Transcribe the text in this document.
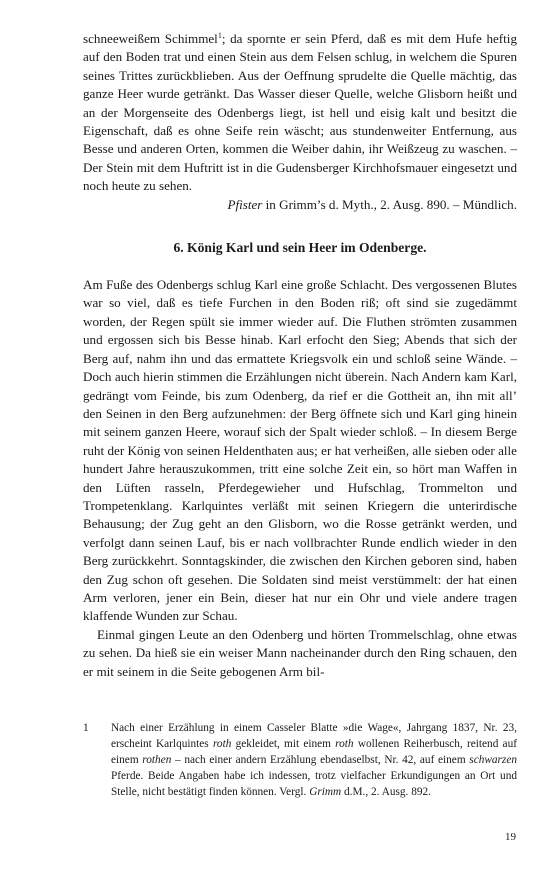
schneeweißem Schimmel$^1$; da spornte er sein Pferd, daß es mit dem Hufe heftig auf den Boden trat und einen Stein aus dem Felsen schlug, in welchem die Spuren seines Trittes zurückblieben. Aus der Oeffnung sprudelte die Quelle mächtig, das ganze Heer wurde getränkt. Das Wasser dieser Quelle, welche Glisborn heißt und an der Morgenseite des Odenbergs liegt, ist hell und eisig kalt und besitzt die Eigenschaft, daß es ohne Seife rein wäscht; aus stundenweiter Entfernung, aus Besse und anderen Orten, kommen die Weiber dahin, ihr Weißzeug zu waschen. – Der Stein mit dem Huftritt ist in die Gudensberger Kirchhofsmauer eingesetzt und noch heute zu sehen.

Pfister in Grimm’s d. Myth., 2. Ausg. 890. – Mündlich.

6. König Karl und sein Heer im Odenberge.

Am Fuße des Odenbergs schlug Karl eine große Schlacht. Des vergossenen Blutes war so viel, daß es tiefe Furchen in den Boden riß; oft sind sie zugedämmt worden, der Regen spült sie immer wieder auf. Die Fluthen strömten zusammen und ergossen sich bis Besse hinab. Karl erfocht den Sieg; Abends that sich der Berg auf, nahm ihn und das ermattete Kriegsvolk ein und schloß seine Wände. – Doch auch hierin stimmen die Erzählungen nicht überein. Nach Andern kam Karl, gedrängt vom Feinde, bis zum Odenberg, da rief er die Gottheit an, ihn mit all’ den Seinen in den Berg aufzunehmen: der Berg öffnete sich und Karl ging hinein mit seinem ganzen Heere, worauf sich der Spalt wieder schloß. – In diesem Berge ruht der König von seinen Heldenthaten aus; er hat verheißen, alle sieben oder alle hundert Jahre herauszukommen, tritt eine solche Zeit ein, so hört man Waffen in den Lüften rasseln, Pferdegewieher und Hufschlag, Trommelton und Trompetenklang. Karlquintes verläßt mit seinen Kriegern die unterirdische Behausung; der Zug geht an den Glisborn, wo die Rosse getränkt werden, und verfolgt dann seinen Lauf, bis er nach vollbrachter Runde endlich wieder in den Berg zurückkehrt. Sonntagskinder, die zwischen den Kirchen geboren sind, haben den Zug schon oft gesehen. Die Soldaten sind meist verstümmelt: der hat einen Arm verloren, jener ein Bein, dieser hat nur ein Ohr und viele andere tragen klaffende Wunden zur Schau.

Einmal gingen Leute an den Odenberg und hörten Trommelschlag, ohne etwas zu sehen. Da hieß sie ein weiser Mann nacheinander durch den Ring schauen, den er mit seinem in die Seite gebogenen Arm bil-

1	Nach einer Erzählung in einem Casseler Blatte »die Wage«, Jahrgang 1837, Nr. 23, erscheint Karlquintes roth gekleidet, mit einem roth wollenen Reiherbusch, reitend auf einem rothen – nach einer andern Erzählung ebendaselbst, Nr. 42, auf einem schwarzen Pferde. Beide Angaben habe ich indessen, trotz vielfacher Erkundigungen an Ort und Stelle, nicht bestätigt finden können. Vergl. Grimm d.M., 2. Ausg. 892.
19
